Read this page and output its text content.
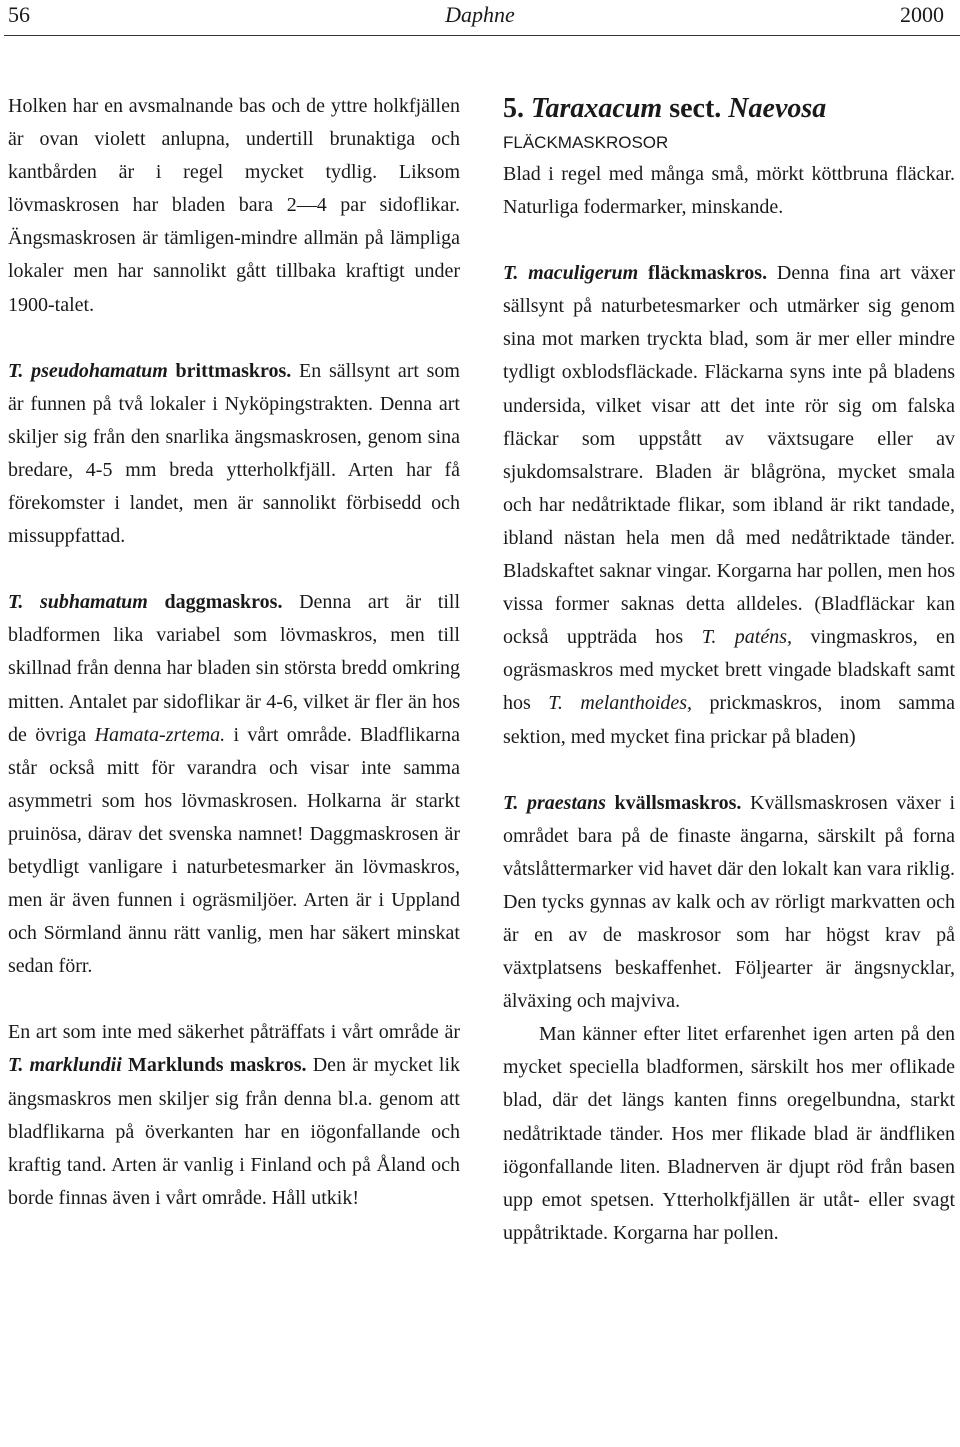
56	Daphne	2000

Holken har en avsmalnande bas och de yttre holkfjällen är ovan violett anlupna, undertill brunaktiga och kantbården är i regel mycket tydlig. Liksom lövmaskrosen har bladen bara 2—4 par sidoflikar. Ängsmaskrosen är tämligen-mindre allmän på lämpliga lokaler men har sannolikt gått tillbaka kraftigt under 1900-talet.

T. pseudohamatum brittmaskros. En sällsynt art som är funnen på två lokaler i Nyköpingstrakten. Denna art skiljer sig från den snarlika ängsmaskrosen, genom sina bredare, 4-5 mm breda ytterholkfjäll. Arten har få förekomster i landet, men är sannolikt förbisedd och missuppfattad.

T. subhamatum daggmaskros. Denna art är till bladformen lika variabel som lövmaskros, men till skillnad från denna har bladen sin största bredd omkring mitten. Antalet par sidoflikar är 4-6, vilket är fler än hos de övriga Hamata-zrtema. i vårt område. Bladflikarna står också mitt för varandra och visar inte samma asymmetri som hos lövmaskrosen. Holkarna är starkt pruinösa, därav det svenska namnet! Daggmaskrosen är betydligt vanligare i naturbetesmarker än lövmaskros, men är även funnen i ogräsmiljöer. Arten är i Uppland och Sörmland ännu rätt vanlig, men har säkert minskat sedan förr.

En art som inte med säkerhet påträffats i vårt område är T. marklundii Marklunds maskros. Den är mycket lik ängsmaskros men skiljer sig från denna bl.a. genom att bladflikarna på överkanten har en iögonfallande och kraftig tand. Arten är vanlig i Finland och på Åland och borde finnas även i vårt område. Håll utkik!

5. Taraxacum sect. Naevosa

FLÄCKMASKROSOR

Blad i regel med många små, mörkt köttbruna fläckar. Naturliga fodermarker, minskande.

T. maculigerum fläckmaskros. Denna fina art växer sällsynt på naturbetesmarker och utmärker sig genom sina mot marken tryckta blad, som är mer eller mindre tydligt oxblodsfläckade. Fläckarna syns inte på bladens undersida, vilket visar att det inte rör sig om falska fläckar som uppstått av växtsugare eller av sjukdomsalstrare. Bladen är blågröna, mycket smala och har nedåtriktade flikar, som ibland är rikt tandade, ibland nästan hela men då med nedåtriktade tänder. Bladskaftet saknar vingar. Korgarna har pollen, men hos vissa former saknas detta alldeles. (Bladfläckar kan också uppträda hos T. paténs, vingmaskros, en ogräsmaskros med mycket brett vingade bladskaft samt hos T. melanthoides, prickmaskros, inom samma sektion, med mycket fina prickar på bladen)

T. praestans kvällsmaskros. Kvällsmaskrosen växer i området bara på de finaste ängarna, särskilt på forna våtslåttermarker vid havet där den lokalt kan vara riklig. Den tycks gynnas av kalk och av rörligt markvatten och är en av de maskrosor som har högst krav på växtplatsens beskaffenhet. Följearter är ängsnycklar, älväxing och majviva.

Man känner efter litet erfarenhet igen arten på den mycket speciella bladformen, särskilt hos mer oflikade blad, där det längs kanten finns oregelbundna, starkt nedåtriktade tänder. Hos mer flikade blad är ändfliken iögonfallande liten. Bladnerven är djupt röd från basen upp emot spetsen. Ytterholkfjällen är utåt- eller svagt uppåtriktade. Korgarna har pollen.
